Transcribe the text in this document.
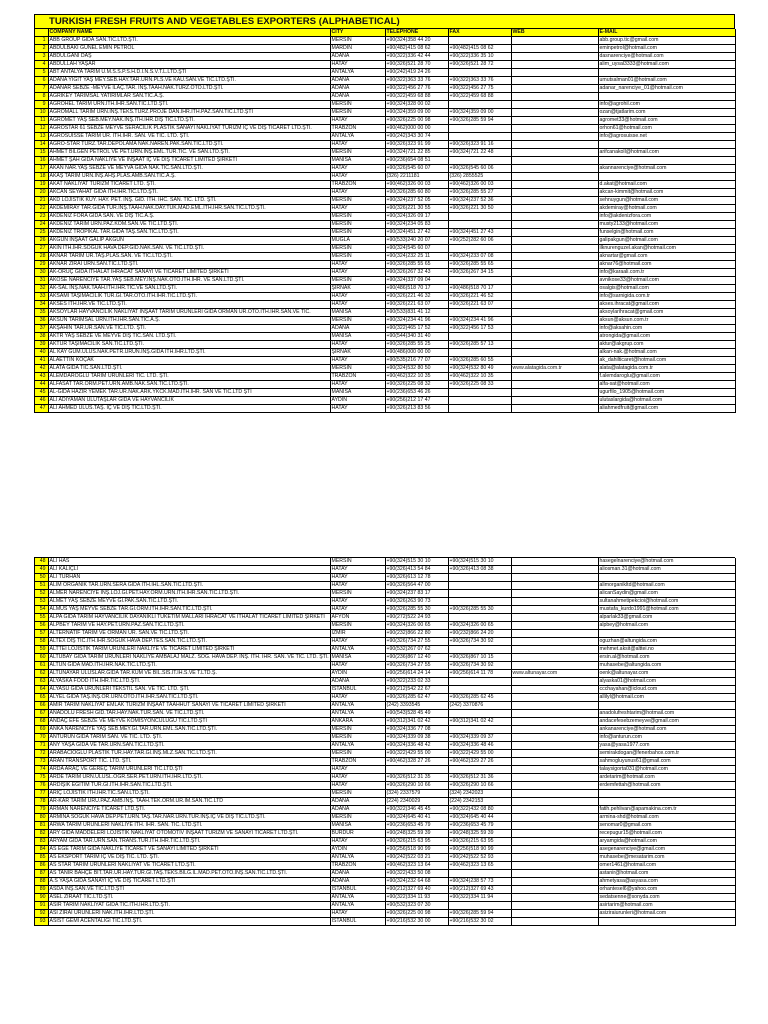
TURKISH FRESH FRUITS AND VEGETABLES EXPORTERS (ALPHABETICAL)
	COMPANY NAME	CITY	TELEPHONE	FAX	WEB	E-MAIL
1	ABB GROUP GIDA SAN.TİC.LTD.ŞTİ.	MERSİN	+90(324)358 44 20			abb.group.tic@gmail.com
2	ABDULBAKİ GÜNEL EMİN PETROL	MARDİN	+90(482)415 08 62	+90(482)415 08 62		eminpetrol@hotmail.com
3	ABDULGANİ DAŞ	ADANA	+90(322)336 42 44	+90(322)336 35 10		dasnarenciye@hotmail.com
4	ABDULLAH YAŞAR	HATAY	+90(326)521 28 70	+90(326)521 28 72		alim_uysal3333@hotmail.com
5	ABT ANTALYA TARIM Ü.M.S.S.P.S.H.D.İ.N.S.V.T.L.LTD.ŞTİ	ANTALYA	+90(242)419 24 26			
6	ADANA YİĞİT YAŞ MEY.SEB.HAY.TAR.ÜRN.PLS.VE KAU.SAN.VE TİC.LTD.ŞTİ.	ADANA	+90(322)363 33 76	+90(322)363 33 76		umutsalman01@hotmail.com
7	ADANAR SEBZE -MEYVE İLAÇ.TAR. İNŞ.TAAH.NAK.TURZ.OTO.LTD.ŞTİ.	ADANA	+90(322)456 27 76	+90(322)456 27 75		adanar_narenciye_01@hotmail.com
8	AGRİKEY TARIMSAL YATIRIMLAR SAN.TİC.A.Ş.	ADANA	+90(322)459 68 88	+90(322)459 68 88		
9	AGROHEL TARIM ÜRN.İTH.İHR.SAN.TİC.LTD.ŞTİ.	MERSİN	+90(324)328 00 02			info@agrohil.com
10	AGROMALL TARIM ÜRN.İNŞ.TEKS.TURZ.PROJE DAN.İHR.İTH.PAZ.SAN.TİC.LTD.ŞTİ	MERSİN	+90(324)359 09 00	+90(324)359 09 00		ozan@tjatlarim.com
11	AGROMET YAŞ SEB.MEY.NAK.İNŞ.İTH.İHR.DIŞ TİC.LTD.ŞTİ.	HATAY	+90(326)225 00 98	+90(326)285 59 94		agromet33@hotmail.com
12	AGROSTAR 61 SEBZE MEYVE SERACILIK PLASTİK SANAYİ NAKLİYAT TURİZM İÇ VE DIŞ TİCARET LTD.ŞTİ.	TRABZON	+90(462)000 00 00			orhon61@hotmail.com
13	AGROSUISSE TARIM ÜR. İTH.İHR. SAN. VE TİC. LTD. ŞTİ.	ANTALYA	+90(242)343 30 74			info@agrosuisse.net
14	AĞRO-STAR TURZ.TAR.DEPOLAMA NAK.NAREN.PAK.SAN.TİC.LTD.ŞTİ.	HATAY	+90(326)323 91 99	+90(326)323 91 16		
15	AHMET BİLGEN PETROL VE PET.ÜRN.İNŞ.EML.TUR.TİC. VE SAN.LTD.ŞTİ.	MERSİN	+90(324)721 22 85	+90(324)721 22 48		arifcanakoll@hotmail.com
16	AHMET ŞAH GIDA NAKLİYE VE İNŞAAT İÇ VE DIŞ TİCARET LİMİTED ŞİRKETİ	MANİSA	+90(236)654 08 51			
17	AKAN NAR.YAŞ SEBZE VE MEYVA GIDA NAK.TİC.SAN.LTD.ŞTİ.	HATAY	+90(326)545 60 07	+90(326)545 60 06		akannarenciye@hotmail.com
18	AKAŞ TARIM ÜRN.İNŞ.AHŞ.PLAS.AMB.SAN.TİC.A.Ş.	HATAY	(326) 2211181	(326) 2855525		
19	AKAT NAKLİYAT TURİZM TİCARET LTD. ŞTİ.	TRABZON	+90(462)326 00 03	+90(462)326 00 03		d.akat@hotmail.com
20	AKCAN SEYAHAT GIDA İTH.İHR.TİC.LTD.ŞTİ.	HATAY	+90(326)285 60 80	+90(326)285 55 27		akcan-kimmit@hotmail.com
21	AKD LOJİSTİK KUY. HAY. PET. İNŞ. GID. İTH. İHC. SAN. TİC. LTD. ŞTİ.	MERSİN	+90(324)237 52 05	+90(324)237 52 36		sehnuygun@hotmail.com
22	AKDEMİRAY TAR.GIDA TUR.İNŞ.TAAH.NAK.DAY.TÜK.MAD.EML.İTH.İHR.SAN.TİC.LTD.ŞTİ.	HATAY	+90(326)221 30 55	+90(326)221 30 50		akdemiray@hotmail.com
23	AKDENİZ FORA GIDA SAN. VE DIŞ TİC.A.Ş.	MERSİN	+90(324)326 09 17			info@akdenizfora.com
24	AKDENİZ TARIM ÜRN.PAZ.KOM.SAN.VE TİC.LTD.ŞTİ.	MERSİN	+90(324)234 05 83			musty2133@hotmail.com
25	AKDENİZ TROPİKAL TAR.GIDA TAŞ.SAN.TİC.LTD.ŞTİ.	MERSİN	+90(324)451 27 42	+90(324)451 27 43		funselgin@hotmail.com
26	AKGÜN İNŞAAT GALİP AKGÜN	MUĞLA	+90(533)240 20 07	+90(252)282 60 06		galipakgun@hotmail.com
27	AKIN İTH.İHR.SOĞUK HAVA DEP.GID.NAK.SAN. VE TİC.LTD.ŞTİ.	MERSİN	+90(324)545 60 07			ilknurenguzel.akan@hotmail.com
28	AKNAR TARIM ÜR.TAŞ.PLAS.SAN. VE TİC.LTD.ŞTİ.	MERSİN	+90(324)232 25 11	+90(324)233 07 08		aknartar@gmail.com
29	AKNAR ZİRAİ ÜRN.SAN.TİC.LTD.ŞTİ.	HATAY	+90(326)285 55 65	+90(326)285 55 65		aknar76@hotmail.com
30	AK-ORUÇ GIDA İTHALAT İHRACAT SANAYİ VE TİCARET LİMİTED ŞİRKETİ	HATAY	+90(326)267 32 43	+90(326)267 34 15		info@karaali.com.tr
31	AKÖSE NARENCİYE TAR.YAŞ SEB.MEY.İNŞ.NAK.OTO.İTH.İHR. VE SAN.LTD.ŞTİ.	MERSİN	+90(324)337 09 04			avnikose33@hotmail.com
32	AK-SAL İNŞ.NAK.TAAH.İTH.İHR.TİC.VE SAN.LTD.ŞTİ.	ŞIRNAK	+90(486)518 70 17	+90(486)518 70 17		osalgis@hotmail.com
33	AKSAMİ TAŞIMACILIK TUR.GI.TAR.OTO.İTH.İHR.TİC.LTD.ŞTİ.	HATAY	+90(326)221 46 32	+90(326)221 46 52		info@sarnigida.com.tr
34	AKSES İTH.İHR.VE TİC.LTD.ŞTİ.	HATAY	+90(326)221 63 07	+90(326)221 63 07		akses.ihracat@gmail.com
35	AKSOYLAR HAYVANCILIK NAKLİYAT İNŞAAT TARIM ÜRÜNLERİ GIDA ORMAN ÜR.OTO.İTH.İHR.SAN.VE TİC.	MANİSA	+90(533)831 41 12			aksoylarihracat@gmail.com
36	AKSUN TARIMSAL ÜRN.İTH.İHR.SAN.TİC.A.Ş.	MERSİN	+90(324)234 41 96	+90(324)234 41 96		aksun@aksun.com.tr
37	AKŞAHİN TAR.ÜR.SAN.VE TİC.LTD. ŞTİ.	ADANA	+90(322)465 17 52	+90(322)456 17 53		info@aksahin.com
38	AKTR YAŞ SEBZE VE MEYVE DIŞ TİC.SAN. LTD.ŞTİ.	MANİSA	+90(544)340 31 40			atrongida@gmail.com
39	AKTUR TAŞIMACILIK SAN.TİC.LTD.ŞTİ.	HATAY	+90(326)285 55 25	+90(326)285 57 13		aktur@akgrup.com
40	AL KAY GÜM.ULUS.NAK.PETR.ÜRÜN.İNŞ.GIDA İTH.İHR.LTD.ŞTİ.	ŞIRNAK	+90(486)000 00 00			alkan-nak.@hotmail.com
41	ALAETTİN KOÇAK	HATAY	+90(535)216 77 07	+90(326)285 60 55		ak_dahilticaret@hotmail.com
42	ALATA GIDA TİC.SAN.LTD.ŞTİ.	MERSİN	+90(324)532 80 50	+90(324)532 80 49	www.alatagida.com.tr	alata@alatagida.com.tr
43	ALEMDAROĞLU TARIM ÜRÜNLERİ TİC. LTD. ŞTİ.	TRABZON	+90(462)322 10 35	+90(462)322 10 35		f.alemdaroglu@gmail.com
44	ALFASAT TAR.ORM.PET.ÜRN.AMB.NAK.SAN.TİC.LTD.ŞTİ.	HATAY	+90(326)225 08 32	+90(326)225 08 33		alfa-sat@hotmail.com
45	AL-GIDA HAZIR YEMEK TAR.ÜR.NAK.ARK.YKCK.MAD.İTH.İHR. SAN VE TİC.LTD ŞTİ	MANİSA	+90(236)653 46 26			ugurfilo_1905@hotmail.com
46	ALİ ADIYAMAN ULUTAŞLAR GIDA VE HAYVANCILIK	AYDIN	+90(256)212 17 47			ulutaslargida@hotmail.com
47	ALİ AHMED ULUS.TAŞ. İÇ VE DIŞ TİC.LTD.ŞTİ.	HATAY	+90(326)213 83 56			aliahmedfruit@gmail.com
48	ALİ HAS	MERSİN	+90(324)515 30 10	+90(324)515 30 10		hasegelnarenciye@hotmail.com
49	ALİ KALIÇLI	HATAY	+90(326)413 54 84	+90(326)413 08 38		aliosman.31@hotmail.com
50	ALİ TURHAN	HATAY	+90(326)613 12 78			
51	ALİM ORGANİK TAR.ÜRN.SERA GIDA İTH.İHL.SAN.TİC.LTD.ŞTİ.	HATAY	+90(326)564 47 00			alimorganikltd@hotmail.com
52	ALMER NARENCİYE İNŞ.LOJ.Gİ.PET.HAY.ORM.ÜRN.İTH.İHR.SAN.TİC.LTD.ŞTİ.	MERSİN	+90(324)237 83 17			alicanSaydin@gmail.com
53	ALMET YAŞ SEBZE MEYVE GI.PAK.SAN.TİC.LTD.ŞTİ.	HATAY	+90(326)263 90 73			sultanahmetipekcioi@hotmail.com
54	ALMUS YAŞ MEYVE SEBZE TAR.GI.ORM.İTH.İHR.SAN.TİC.LTD.ŞTİ.	HATAY	+90(326)285 55 30	+90(326)285 55 30		mustafa_kurdo1991@hotmail.com
55	ALPA GIDA TARIM HAYVANCILIK DAYANIKLI TÜKETİM MALLARI İHRACAT VE İTHALAT TİCARET LİMİTED ŞİRKETİ	AFYON	+90(272)522 24 93			alparlak33@gmail.com
56	ALPBEY TARIM VE HAY.PET.ÜRN.PAZ.SAN.TİC.LTD.ŞTİ.	MERSİN	+90(324)326 00 65	+90(324)326 00 65		alpbey@hotmail.com
57	ALTERNATİF TARIM VE ORMAN ÜR. SAN.VE TİC.LTD.ŞTİ.	İZMİR	+90(232)866 22 80	+90(232)866 24 20		
58	ALTEX DIŞ TİC.İTH.İHR.SOĞUK HAVA DEP.TES.SAN.TİC.LTD.ŞTİ.	HATAY	+90(326)734 27 55	+90(326)734 30 92		oguzhan@altungida.com
59	ALTTEI LOJİSTİK TARIM ÜRÜNLERİ NAKLİYE VE TİCARET LİMİTED ŞİRKETİ	ANTALYA	+90(532)267 07 62			mehmet.aksit@alttei.no
60	ALTUBAY GIDA TARIM ÜRÜNLERİ NAKLİYE AMBALAJ MALZ. SOĞ. HAVA DEP. İNŞ. İTH. İHR. SAN. VE TİC. LTD. ŞTİ.	MANİSA	+90(236)867 12 40	+90(326)867 10 15		ersin.al@hotmail.com
61	ALTUN GIDA MAD.İTH.İHR.NAK.TİC.LTD.ŞTİ.	HATAY	+90(326)734 27 55	+90(326)734 30 92		muhasebe@altungida.com
62	ALTUNAYAR ULUSLAR.GIDA TAR.KUM VE BİL.SIS.İT.İH.S.VE T.LTD.Ş.	AYDIN	+90(256)614 24 14	+90(256)614 11 78	www.altunayar.com	oenk@altunayar.com
63	ALYASKA FOOD İTH.İHR.TİC.LTD.ŞTİ.	ADANA	+90(322)233 02 33			alyaska01@hotmail.com
64	ALYASU GIDA ÜRÜNLERİ TEKSTİL SAN. VE TİC. LTD. ŞTİ.	İSTANBUL	+90(212)542 22 67			ccchayahan@icloud.com
65	ALYEL GIDA TAŞ.İNŞ.OR.ÜRN.OTO.İTH.İHR.SAN.TİC.LTD.ŞTİ.	HATAY	+90(326)285 62 47	+90(326)285 62 45		allilyl@hotmail.com
66	AMİR TARIM NAKLİYAT EMLAK TURİZM İNŞAAT TAAHHÜT SANAYİ VE TİCARET LİMİTED ŞİRKETİ	ANTALYA	(242) 3393545	(242) 3370876		
67	ANADOLU FRESH GID.TAR.HAY.NAK.TUR.SAN. VE TİC.LTD.ŞTİ.	ANTALYA	+90(543)528 45 49			anadolufreshtarim@hotmail.com
68	ANDAÇ EFE SEBZE VE MEYVE KOMİSYONCULUĞU TİC.LTD.ŞTİ	ANKARA	+90(312)341 02 42	+90(312)341 02 42		andacefesebzemeyve@gmail.com
69	ANKA NARENCİYE YAŞ SEB.MEY.Gİ.TAR.ÜRN.EML.SAN.TİC.LTD.ŞTİ.	MERSİN	+90(324)336 77 08			ankanarenciye@hotmail.com
70	ANTURUN GIDA TARIM SAN. VE TİC. LTD. ŞTİ.	MERSİN	+90(324)339 09 38	+90(324)339 09 37		info@anturun.com
71	ANY YAŞA GIDA VE TAR.ÜRN.SAN.TİC.LTD.ŞTİ.	ANTALYA	+90(324)336 48 42	+90(324)336 48 46		yasa@yasa1977.com
72	ARABACIOĞLU PLASTİK TUR.HAY.TAR.Gİ.İNŞ.MLZ.SAN.TİC.LTD.ŞTİ.	MERSİN	+90(322)429 55 00	+90(322)429 55 00		semirakdogan@fenerbahce.com.tr
73	ARAN TRANSPORT TİC. LTD. ŞTİ.	TRABZON	+90(462)328 27 26	+90(462)329 27 26		sahmogluyunus61@gmail.com
74	ARDA ARAÇ VE GEREÇ TARIM ÜRÜNLERİ TİC.LTD.ŞTİ	HATAY				talaysigorta031@hotmail.com
75	ARDE TARIM ÜRN.ULUSL.ÖĞR.SER.PET.ÜRN.İTH.İHR.LTD.ŞTİ.	HATAY	+90(326)512 31 35	+90(326)512 31 36		ardetarim@hotmail.com
76	ARDIŞIK EĞİTİM TUR.Gİ.İTH.İHR.SAN.TİC.LTD.ŞTİ.	HATAY	+90(326)290 10 66	+90(326)290 10 66		erdemfettah@hotmail.com
77	ARIÇ LOJİSTİK İTH.İHR.TİC.SAN.LTD.ŞTİ.	MERSİN	(324) 2337579	(324) 2342023		
78	AR-KAR TARIM ÜRÜ.PAZ.AMB.İNŞ. TAAH.TEK.ORM.ÜR.İM.SAN.TİC.LTD	ADANA	(224) 2340029	(224) 2342153		
79	ARMAN NARENCİYE TİCARET LTD.ŞTİ.	ADANA	+90(322)346 45 45	+90(322)432 08 80		fatih.pehlivan@apamakina.com.tr
80	ARMİNA SOĞUK HAVA DEP.PET.ÜRN.TAŞ.TAR.NAR.ÜRN.TUR.İNŞ.İÇ VE DIŞ TİC.LTD.ŞTİ.	MERSİN	+90(324)645 40 41	+90(324)645 40 44		armina-shd@hotmail.com
81	ARWA TARIM ÜRÜNLERİ NAKLİYE İTH. İHR. SAN. TİC. LTD.ŞTİ.	MANİSA	+90(236)653 45 79	+90(236)653 45 79		senomar0@gmail.com
82	ARY GIDA MADDELERİ LOJİSTİK NAKLİYAT OTOMOTİV İNŞAAT TURİZM VE SANAYİ TİCARET LTD.ŞTİ.	BURDUR	+90(248)325 59 39	+90(248)325 59 39		recepugur15@hotmail.com
83	ARYAM GIDA TAR.ÜRN.SAN.TRANS.TUR.İTH.İHR.TİC.LTD.ŞTİ.	HATAY	+90(326)215 63 95	+90(326)215 63 95		aryamgida@hotmail.com
84	AS EGE TARIM GIDA NAKLİYE TİCARET VE SANAYİ LİMİTED ŞİRKETİ	AYDIN	+90(256)518 90 99	+90(256)518 90 99		asegenarenciye@gmail.com
85	AS EKSPORT TARIM İÇ VE DIŞ TİC. LTD. ŞTİ.	ANTALYA	+90(242)522 03 21	+90(242)522 52 93		muhasebe@mesatarim.com
86	AS STAR TARIM ÜRÜNLERİ NAKLİYAT VE TİCARET LTD.ŞTİ.	TRABZON	+90(462)323 13 64	+90(462)323 13 65		omer1461@hotmail.com
87	AS TANIR BAHÇE BİT.TAR.ÜR.HAY.TUR.Gİ.TAŞ.TEKS.BİLG.İL.MAD.PET.OTO.İNŞ.SAN.TİC.LTD.ŞTİ.	ADANA	+90(322)433 50 08			astanir@hotmail.com
88	A.S YAŞA GIDA SANAYİ İÇ VE DIŞ TİCARET LTD.ŞTİ	ADANA	+90(324)232 64 68	+90(324)238 57 73		ahmetyasa@asyasa.com
89	ASDA İNŞ.SAN.VE TİC.LTD.ŞTİ	İSTANBUL	+90(212)327 69 40	+90(212)327 69 43		orhantesel6@yahoo.com
90	ASEL ZİRAAT TİC.LTD.ŞTİ.	ANTALYA	+90(322)334 11 93	+90(322)334 11 94		sedatsenne@sonyda.com
91	ASİR TARIM NAKLİYAT GIDA TİC.İTH.İHR.LTD.ŞTİ.	ANTALYA	+90(532)323 07 30			asirtarim@hotmail.com
92	ASİ ZİRAİ ÜRÜNLERİ NAK.İTH.İHR.LTD.ŞTİ.	HATAY	+90(326)225 00 98	+90(326)285 59 94		asiziraiurunleri@hotmail.com
93	ASİST GEMİ ACENTALIĞI TİC.LTD.ŞTİ.	İSTANBUL	+90(216)532 30 00	+90(216)532 30 02		
